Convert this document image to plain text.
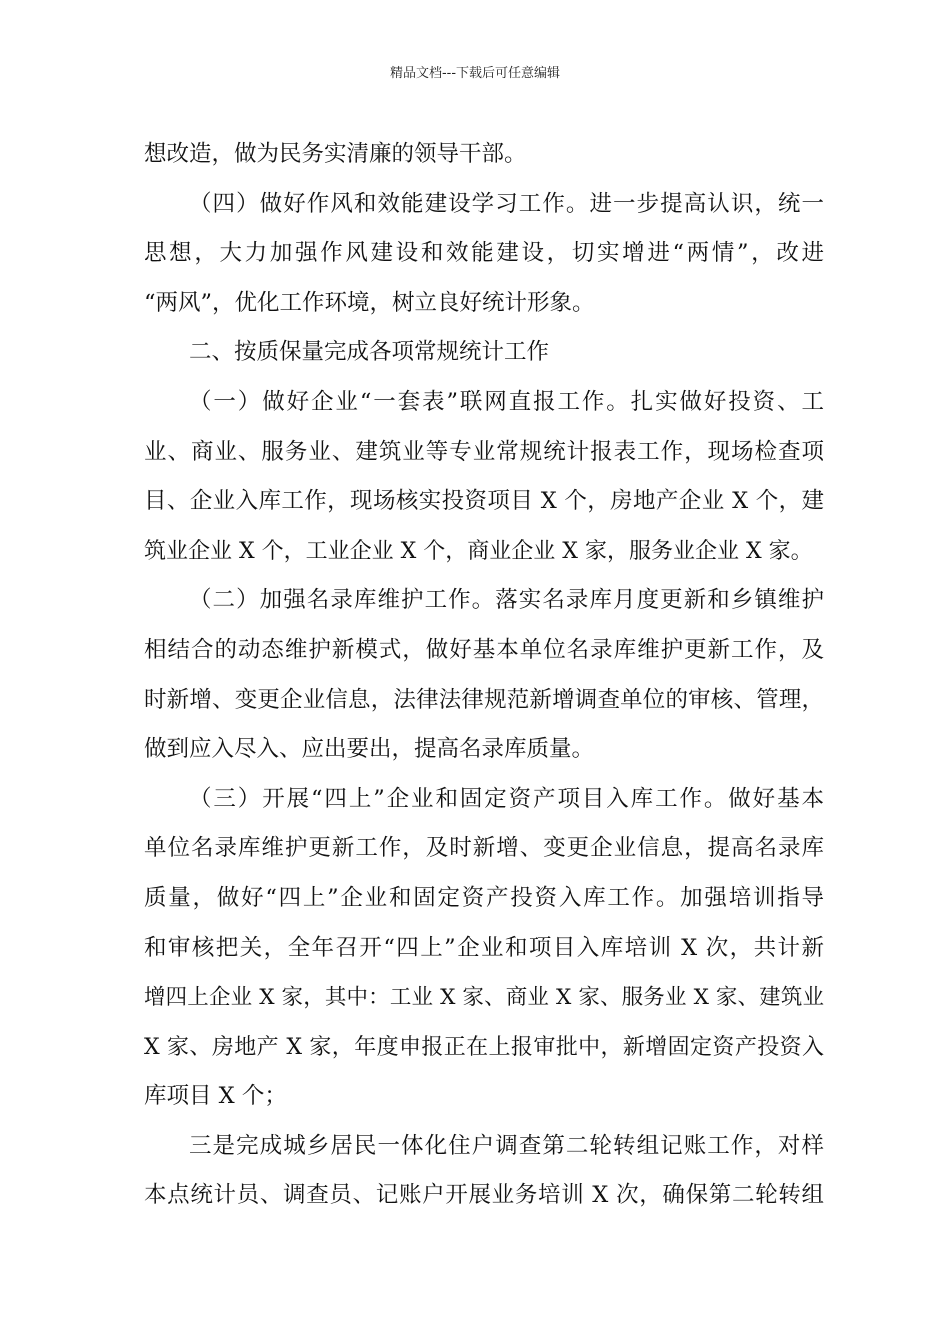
精品文档---下载后可任意编辑
想改造，做为民务实清廉的领导干部。
（四）做好作风和效能建设学习工作。进一步提高认识，统一
思想，大力加强作风建设和效能建设，切实增进“两情”，改进
“两风”，优化工作环境，树立良好统计形象。
二、按质保量完成各项常规统计工作
（一）做好企业“一套表”联网直报工作。扎实做好投资、工
业、商业、服务业、建筑业等专业常规统计报表工作，现场检查项
目、企业入库工作，现场核实投资项目 X 个，房地产企业 X 个，建
筑业企业 X 个，工业企业 X 个，商业企业 X 家，服务业企业 X 家。
（二）加强名录库维护工作。落实名录库月度更新和乡镇维护
相结合的动态维护新模式，做好基本单位名录库维护更新工作，及
时新增、变更企业信息，法律法律规范新增调查单位的审核、管理，
做到应入尽入、应出要出，提高名录库质量。
（三）开展“四上”企业和固定资产项目入库工作。做好基本
单位名录库维护更新工作，及时新增、变更企业信息，提高名录库
质量，做好“四上”企业和固定资产投资入库工作。加强培训指导
和审核把关，全年召开“四上”企业和项目入库培训 X 次，共计新
增四上企业 X 家，其中：工业 X 家、商业 X 家、服务业 X 家、建筑业
X 家、房地产 X 家，年度申报正在上报审批中，新增固定资产投资入
库项目 X 个；
三是完成城乡居民一体化住户调查第二轮转组记账工作，对样
本点统计员、调查员、记账户开展业务培训 X 次，确保第二轮转组
